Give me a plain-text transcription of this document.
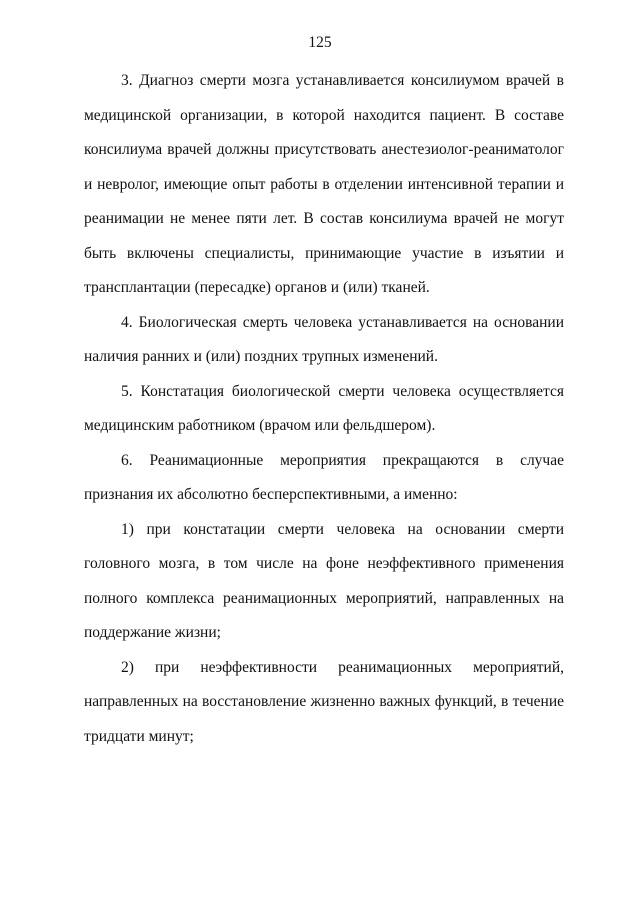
125

3. Диагноз смерти мозга устанавливается консилиумом врачей в медицинской организации, в которой находится пациент. В составе консилиума врачей должны присутствовать анестезиолог-реаниматолог и невролог, имеющие опыт работы в отделении интенсивной терапии и реанимации не менее пяти лет. В состав консилиума врачей не могут быть включены специалисты, принимающие участие в изъятии и трансплантации (пересадке) органов и (или) тканей.

4. Биологическая смерть человека устанавливается на основании наличия ранних и (или) поздних трупных изменений.

5. Констатация биологической смерти человека осуществляется медицинским работником (врачом или фельдшером).

6. Реанимационные мероприятия прекращаются в случае признания их абсолютно бесперспективными, а именно:

1) при констатации смерти человека на основании смерти головного мозга, в том числе на фоне неэффективного применения полного комплекса реанимационных мероприятий, направленных на поддержание жизни;

2) при неэффективности реанимационных мероприятий, направленных на восстановление жизненно важных функций, в течение тридцати минут;
